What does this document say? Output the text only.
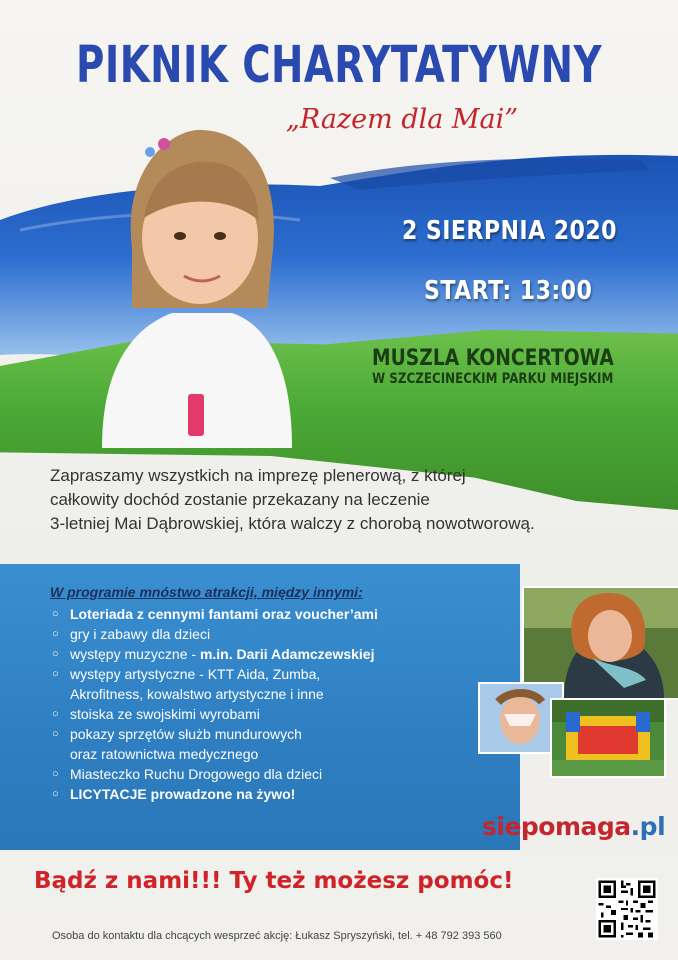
PIKNIK CHARYTATYWNY
„Razem dla Mai”
2 SIERPNIA 2020
START: 13:00
MUSZLA KONCERTOWA
W SZCZECINECKIM PARKU MIEJSKIM
Zapraszamy wszystkich na imprezę plenerową, z której
całkowity dochód zostanie przekazany na leczenie
3-letniej Mai Dąbrowskiej, która walczy z chorobą nowotworową.
W programie mnóstwo atrakcji, między innymi:
○ Loteriada z cennymi fantami oraz voucher’ami
○ gry i zabawy dla dzieci
○ występy muzyczne - m.in. Darii Adamczewskiej
○ występy artystyczne - KTT Aida, Zumba,
Akrofitness, kowalstwo artystyczne i inne
○ stoiska ze swojskimi wyrobami
○ pokazy sprzętów służb mundurowych
oraz ratownictwa medycznego
○ Miasteczko Ruchu Drogowego dla dzieci
○ LICYTACJE prowadzone na żywo!
siepomaga.pl
Bądź z nami!!! Ty też możesz pomóc!
Osoba do kontaktu dla chcących wesprzeć akcję: Łukasz Spryszyński, tel. + 48 792 393 560
